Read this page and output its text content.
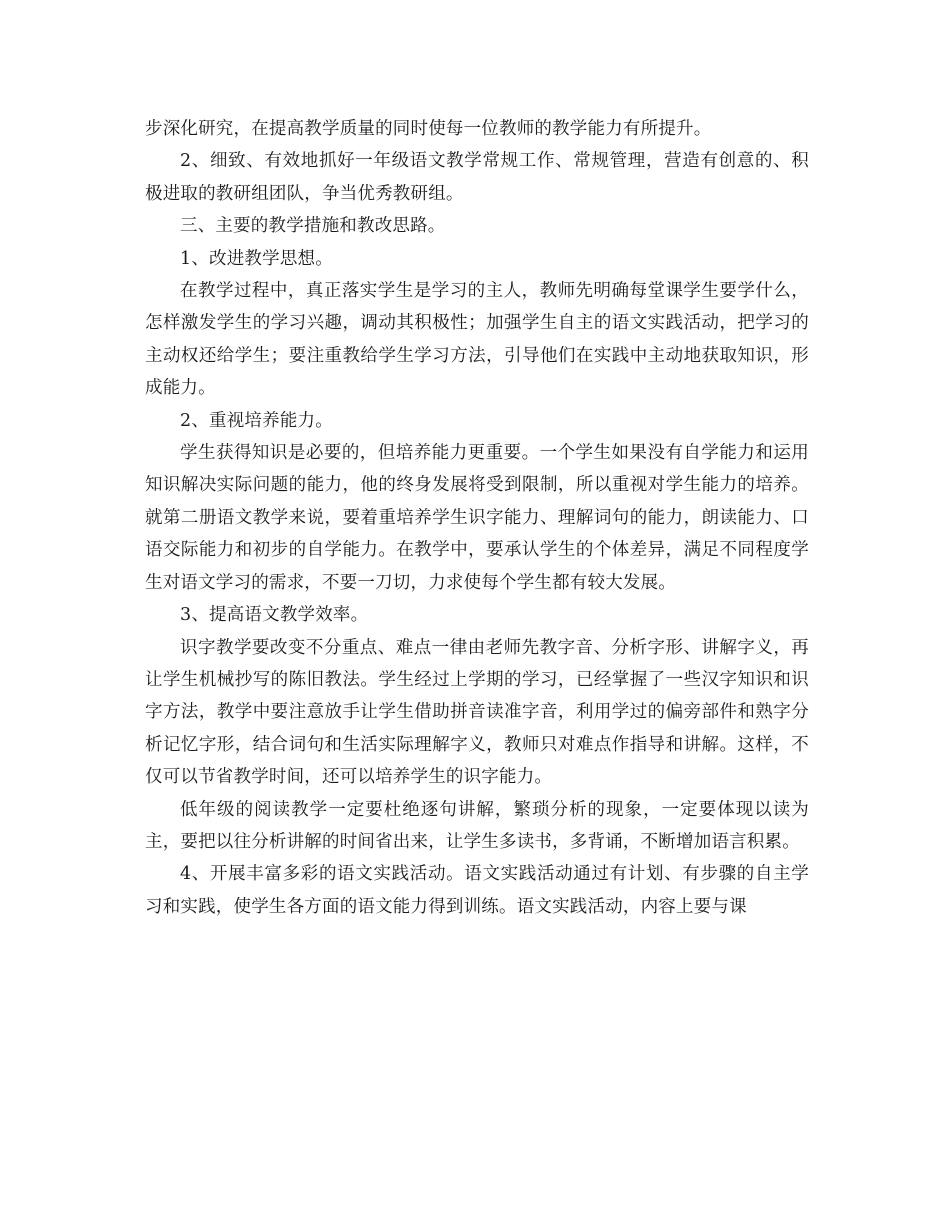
步深化研究，在提高教学质量的同时使每一位教师的教学能力有所提升。

2、细致、有效地抓好一年级语文教学常规工作、常规管理，营造有创意的、积极进取的教研组团队，争当优秀教研组。

三、主要的教学措施和教改思路。

1、改进教学思想。

在教学过程中，真正落实学生是学习的主人，教师先明确每堂课学生要学什么，怎样激发学生的学习兴趣，调动其积极性；加强学生自主的语文实践活动，把学习的主动权还给学生；要注重教给学生学习方法，引导他们在实践中主动地获取知识，形成能力。

2、重视培养能力。

学生获得知识是必要的，但培养能力更重要。一个学生如果没有自学能力和运用知识解决实际问题的能力，他的终身发展将受到限制，所以重视对学生能力的培养。就第二册语文教学来说，要着重培养学生识字能力、理解词句的能力，朗读能力、口语交际能力和初步的自学能力。在教学中，要承认学生的个体差异，满足不同程度学生对语文学习的需求，不要一刀切，力求使每个学生都有较大发展。

3、提高语文教学效率。

识字教学要改变不分重点、难点一律由老师先教字音、分析字形、讲解字义，再让学生机械抄写的陈旧教法。学生经过上学期的学习，已经掌握了一些汉字知识和识字方法，教学中要注意放手让学生借助拼音读准字音，利用学过的偏旁部件和熟字分析记忆字形，结合词句和生活实际理解字义，教师只对难点作指导和讲解。这样，不仅可以节省教学时间，还可以培养学生的识字能力。

低年级的阅读教学一定要杜绝逐句讲解，繁琐分析的现象，一定要体现以读为主，要把以往分析讲解的时间省出来，让学生多读书，多背诵，不断增加语言积累。

4、开展丰富多彩的语文实践活动。语文实践活动通过有计划、有步骤的自主学习和实践，使学生各方面的语文能力得到训练。语文实践活动，内容上要与课
